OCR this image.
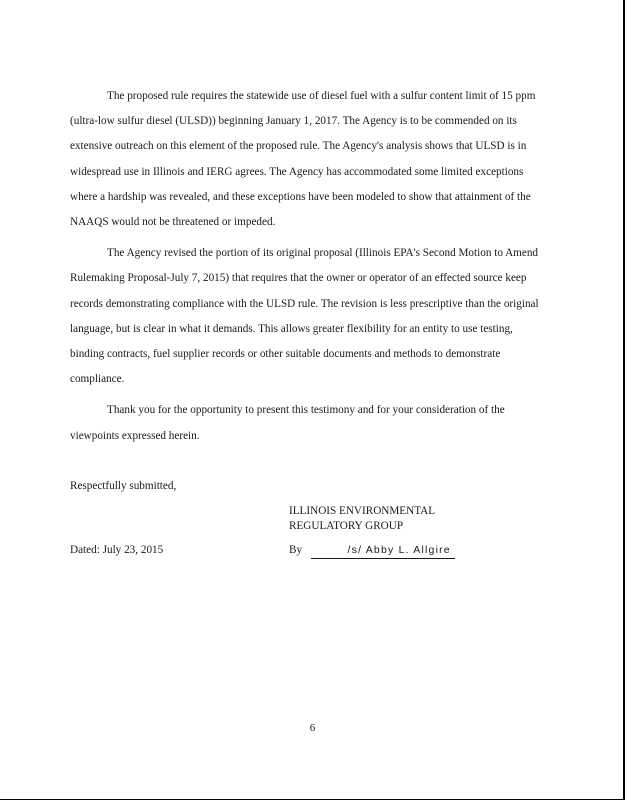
The proposed rule requires the statewide use of diesel fuel with a sulfur content limit of 15 ppm (ultra-low sulfur diesel (ULSD)) beginning January 1, 2017. The Agency is to be commended on its extensive outreach on this element of the proposed rule. The Agency's analysis shows that ULSD is in widespread use in Illinois and IERG agrees. The Agency has accommodated some limited exceptions where a hardship was revealed, and these exceptions have been modeled to show that attainment of the NAAQS would not be threatened or impeded.

The Agency revised the portion of its original proposal (Illinois EPA's Second Motion to Amend Rulemaking Proposal-July 7, 2015) that requires that the owner or operator of an effected source keep records demonstrating compliance with the ULSD rule. The revision is less prescriptive than the original language, but is clear in what it demands. This allows greater flexibility for an entity to use testing, binding contracts, fuel supplier records or other suitable documents and methods to demonstrate compliance.

Thank you for the opportunity to present this testimony and for your consideration of the viewpoints expressed herein.

Respectfully submitted,
ILLINOIS ENVIRONMENTAL
REGULATORY GROUP
Dated: July 23, 2015	By	/s/ Abby L. Allgire
6
